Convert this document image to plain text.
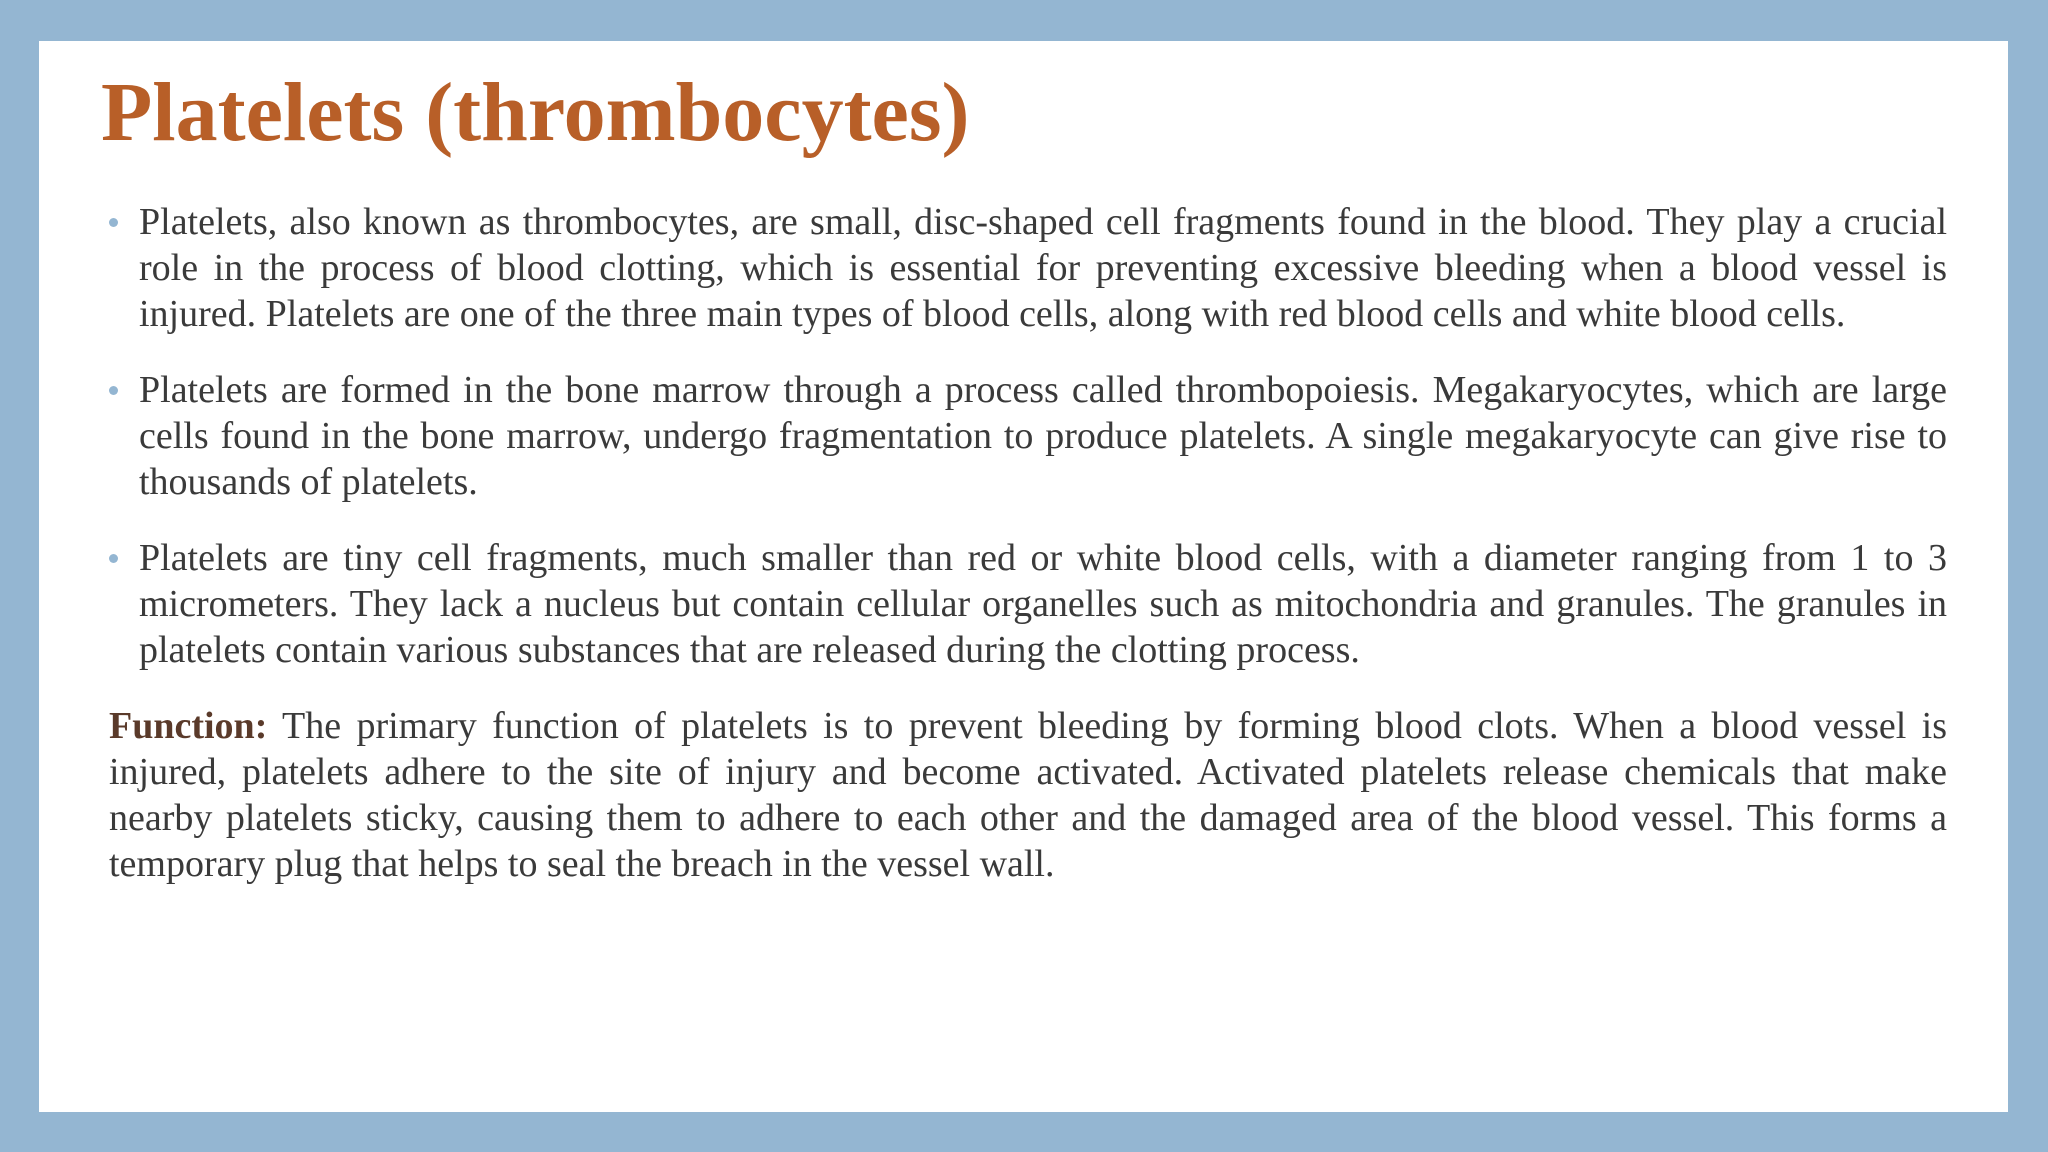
Platelets (thrombocytes)
Platelets, also known as thrombocytes, are small, disc-shaped cell fragments found in the blood. They play a crucial role in the process of blood clotting, which is essential for preventing excessive bleeding when a blood vessel is injured. Platelets are one of the three main types of blood cells, along with red blood cells and white blood cells.
Platelets are formed in the bone marrow through a process called thrombopoiesis. Megakaryocytes, which are large cells found in the bone marrow, undergo fragmentation to produce platelets. A single megakaryocyte can give rise to thousands of platelets.
Platelets are tiny cell fragments, much smaller than red or white blood cells, with a diameter ranging from 1 to 3 micrometers. They lack a nucleus but contain cellular organelles such as mitochondria and granules. The granules in platelets contain various substances that are released during the clotting process.

Function: The primary function of platelets is to prevent bleeding by forming blood clots. When a blood vessel is injured, platelets adhere to the site of injury and become activated. Activated platelets release chemicals that make nearby platelets sticky, causing them to adhere to each other and the damaged area of the blood vessel. This forms a temporary plug that helps to seal the breach in the vessel wall.
